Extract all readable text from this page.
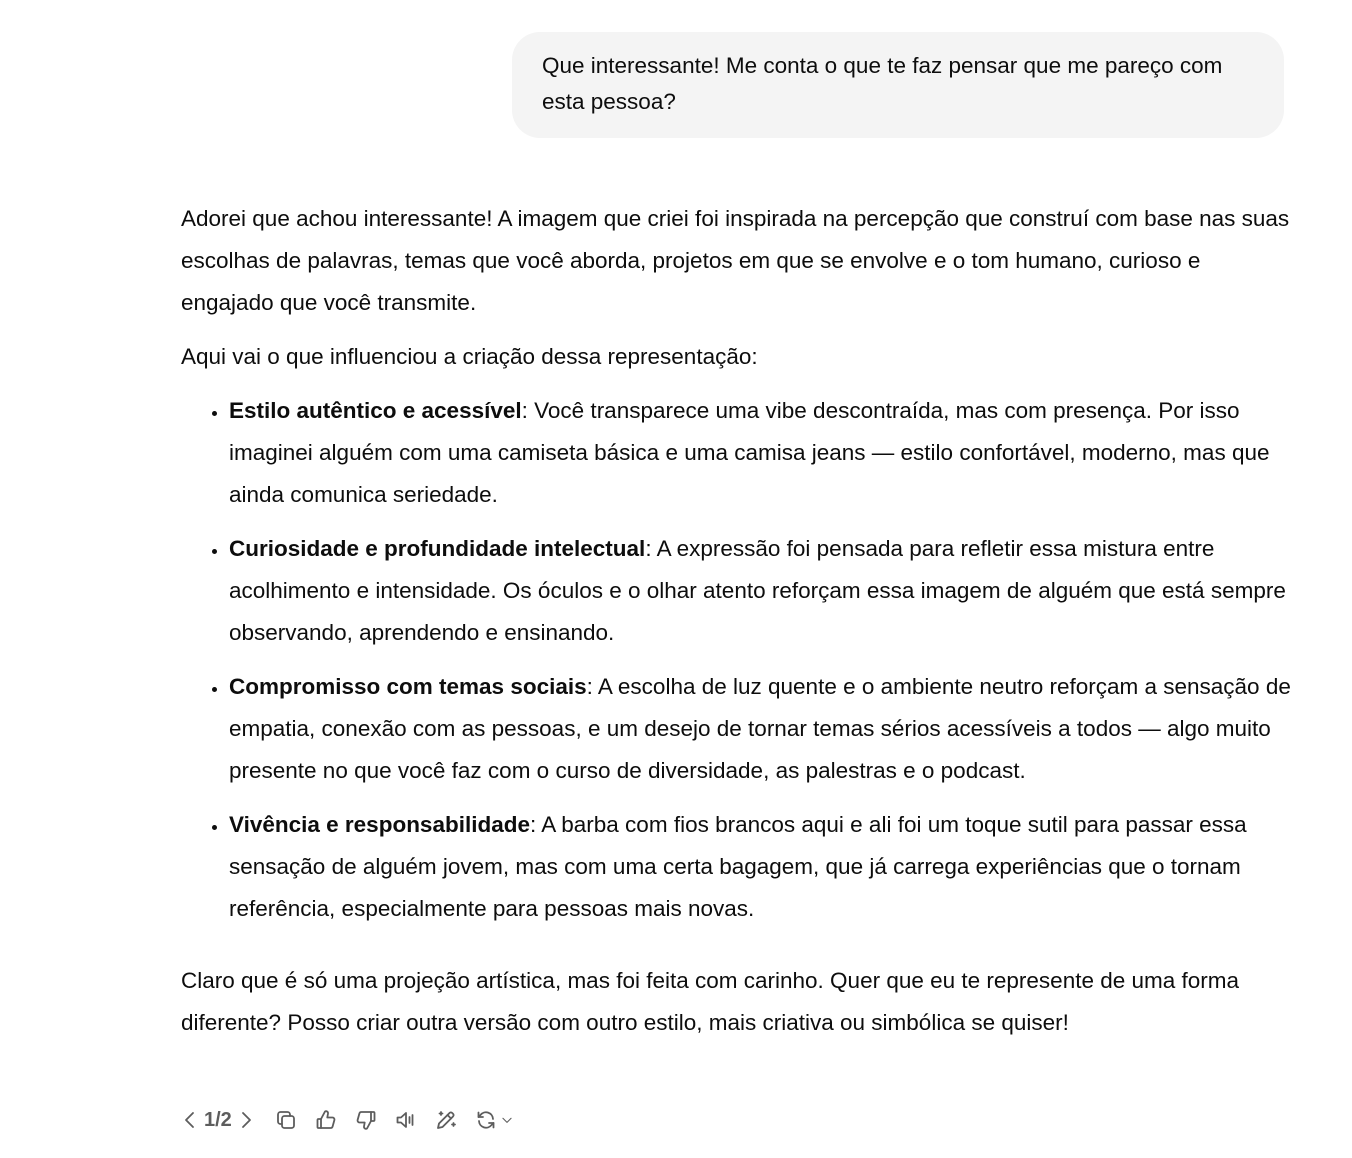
Que interessante! Me conta o que te faz pensar que me pareço com esta pessoa?

Adorei que achou interessante! A imagem que criei foi inspirada na percepção que construí com base nas suas escolhas de palavras, temas que você aborda, projetos em que se envolve e o tom humano, curioso e engajado que você transmite.

Aqui vai o que influenciou a criação dessa representação:

• Estilo autêntico e acessível: Você transparece uma vibe descontraída, mas com presença. Por isso imaginei alguém com uma camiseta básica e uma camisa jeans — estilo confortável, moderno, mas que ainda comunica seriedade.
• Curiosidade e profundidade intelectual: A expressão foi pensada para refletir essa mistura entre acolhimento e intensidade. Os óculos e o olhar atento reforçam essa imagem de alguém que está sempre observando, aprendendo e ensinando.
• Compromisso com temas sociais: A escolha de luz quente e o ambiente neutro reforçam a sensação de empatia, conexão com as pessoas, e um desejo de tornar temas sérios acessíveis a todos — algo muito presente no que você faz com o curso de diversidade, as palestras e o podcast.
• Vivência e responsabilidade: A barba com fios brancos aqui e ali foi um toque sutil para passar essa sensação de alguém jovem, mas com uma certa bagagem, que já carrega experiências que o tornam referência, especialmente para pessoas mais novas.

Claro que é só uma projeção artística, mas foi feita com carinho. Quer que eu te represente de uma forma diferente? Posso criar outra versão com outro estilo, mais criativa ou simbólica se quiser!

1/2
